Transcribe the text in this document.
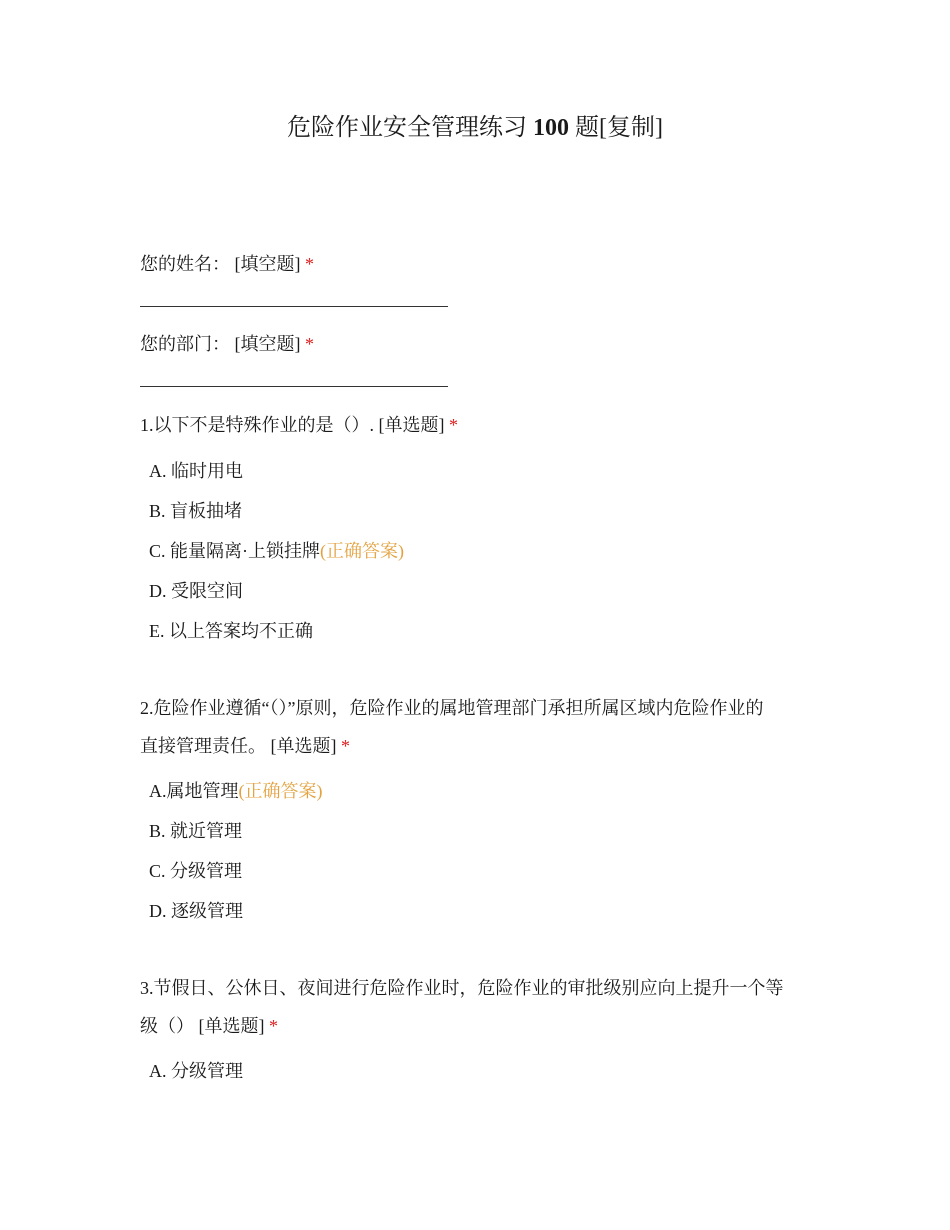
危险作业安全管理练习 100 题[复制]
您的姓名： [填空题] *
您的部门： [填空题] *
1.以下不是特殊作业的是（）. [单选题] *
A. 临时用电
B. 盲板抽堵
C. 能量隔离·上锁挂牌(正确答案)
D. 受限空间
E. 以上答案均不正确
2.危险作业遵循“（）”原则，危险作业的属地管理部门承担所属区域内危险作业的
直接管理责任。 [单选题] *
A.属地管理(正确答案)
B. 就近管理
C. 分级管理
D. 逐级管理
3.节假日、公休日、夜间进行危险作业时，危险作业的审批级别应向上提升一个等
级（） [单选题] *
A. 分级管理
